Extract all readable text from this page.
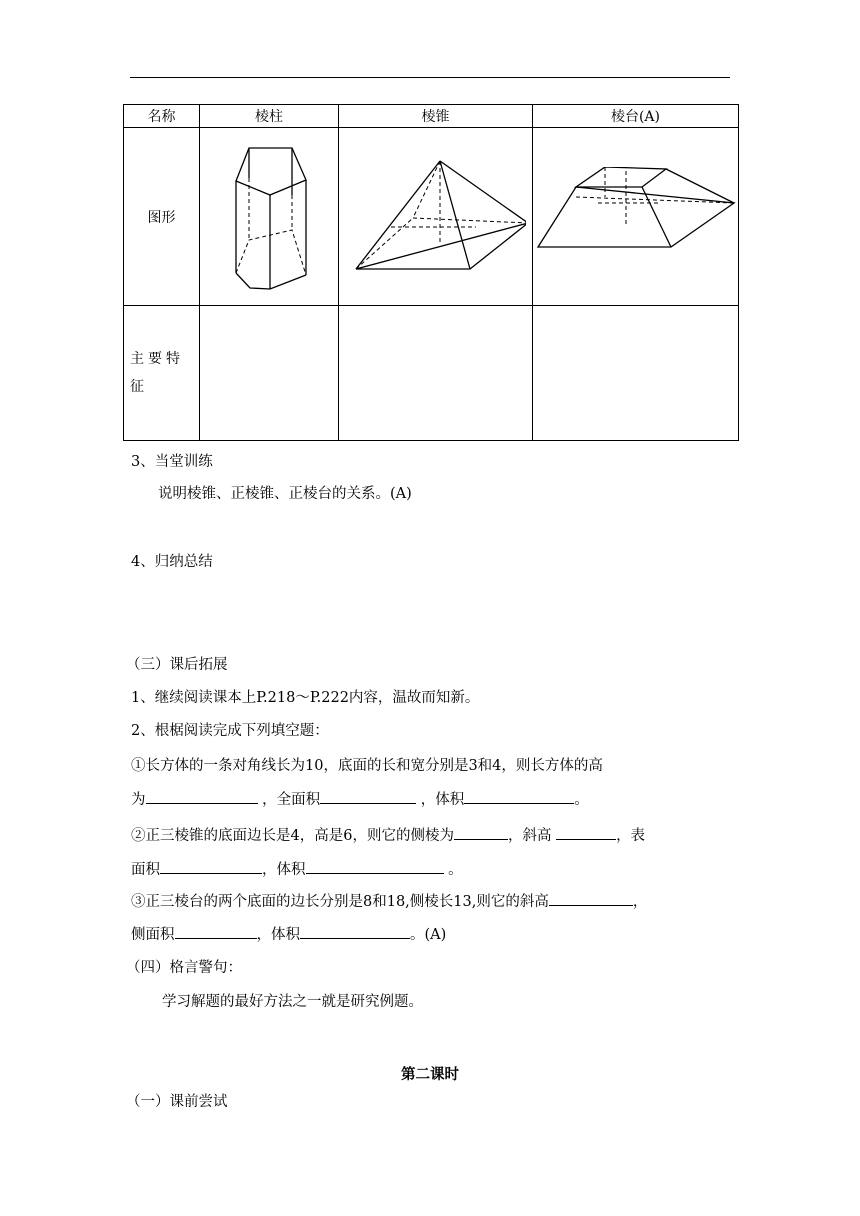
名称	棱柱	棱锥	棱台(A)
图形	

主要特征			
3、当堂训练
说明棱锥、正棱锥、正棱台的关系。(A)
4、归纳总结
（三）课后拓展
1、继续阅读课本上P.218～P.222内容，温故而知新。
2、根椐阅读完成下列填空题：
①长方体的一条对角线长为10，底面的长和宽分别是3和4，则长方体的高
为	，全面积	，体积	。
②正三棱锥的底面边长是4，高是6，则它的侧棱为	，斜高	，表
面积	，体积	。
③正三棱台的两个底面的边长分别是8和18,侧棱长13,则它的斜高	，
侧面积	，体积	。(A)
（四）格言警句：
学习解题的最好方法之一就是研究例题。
第二课时
（一）课前尝试
